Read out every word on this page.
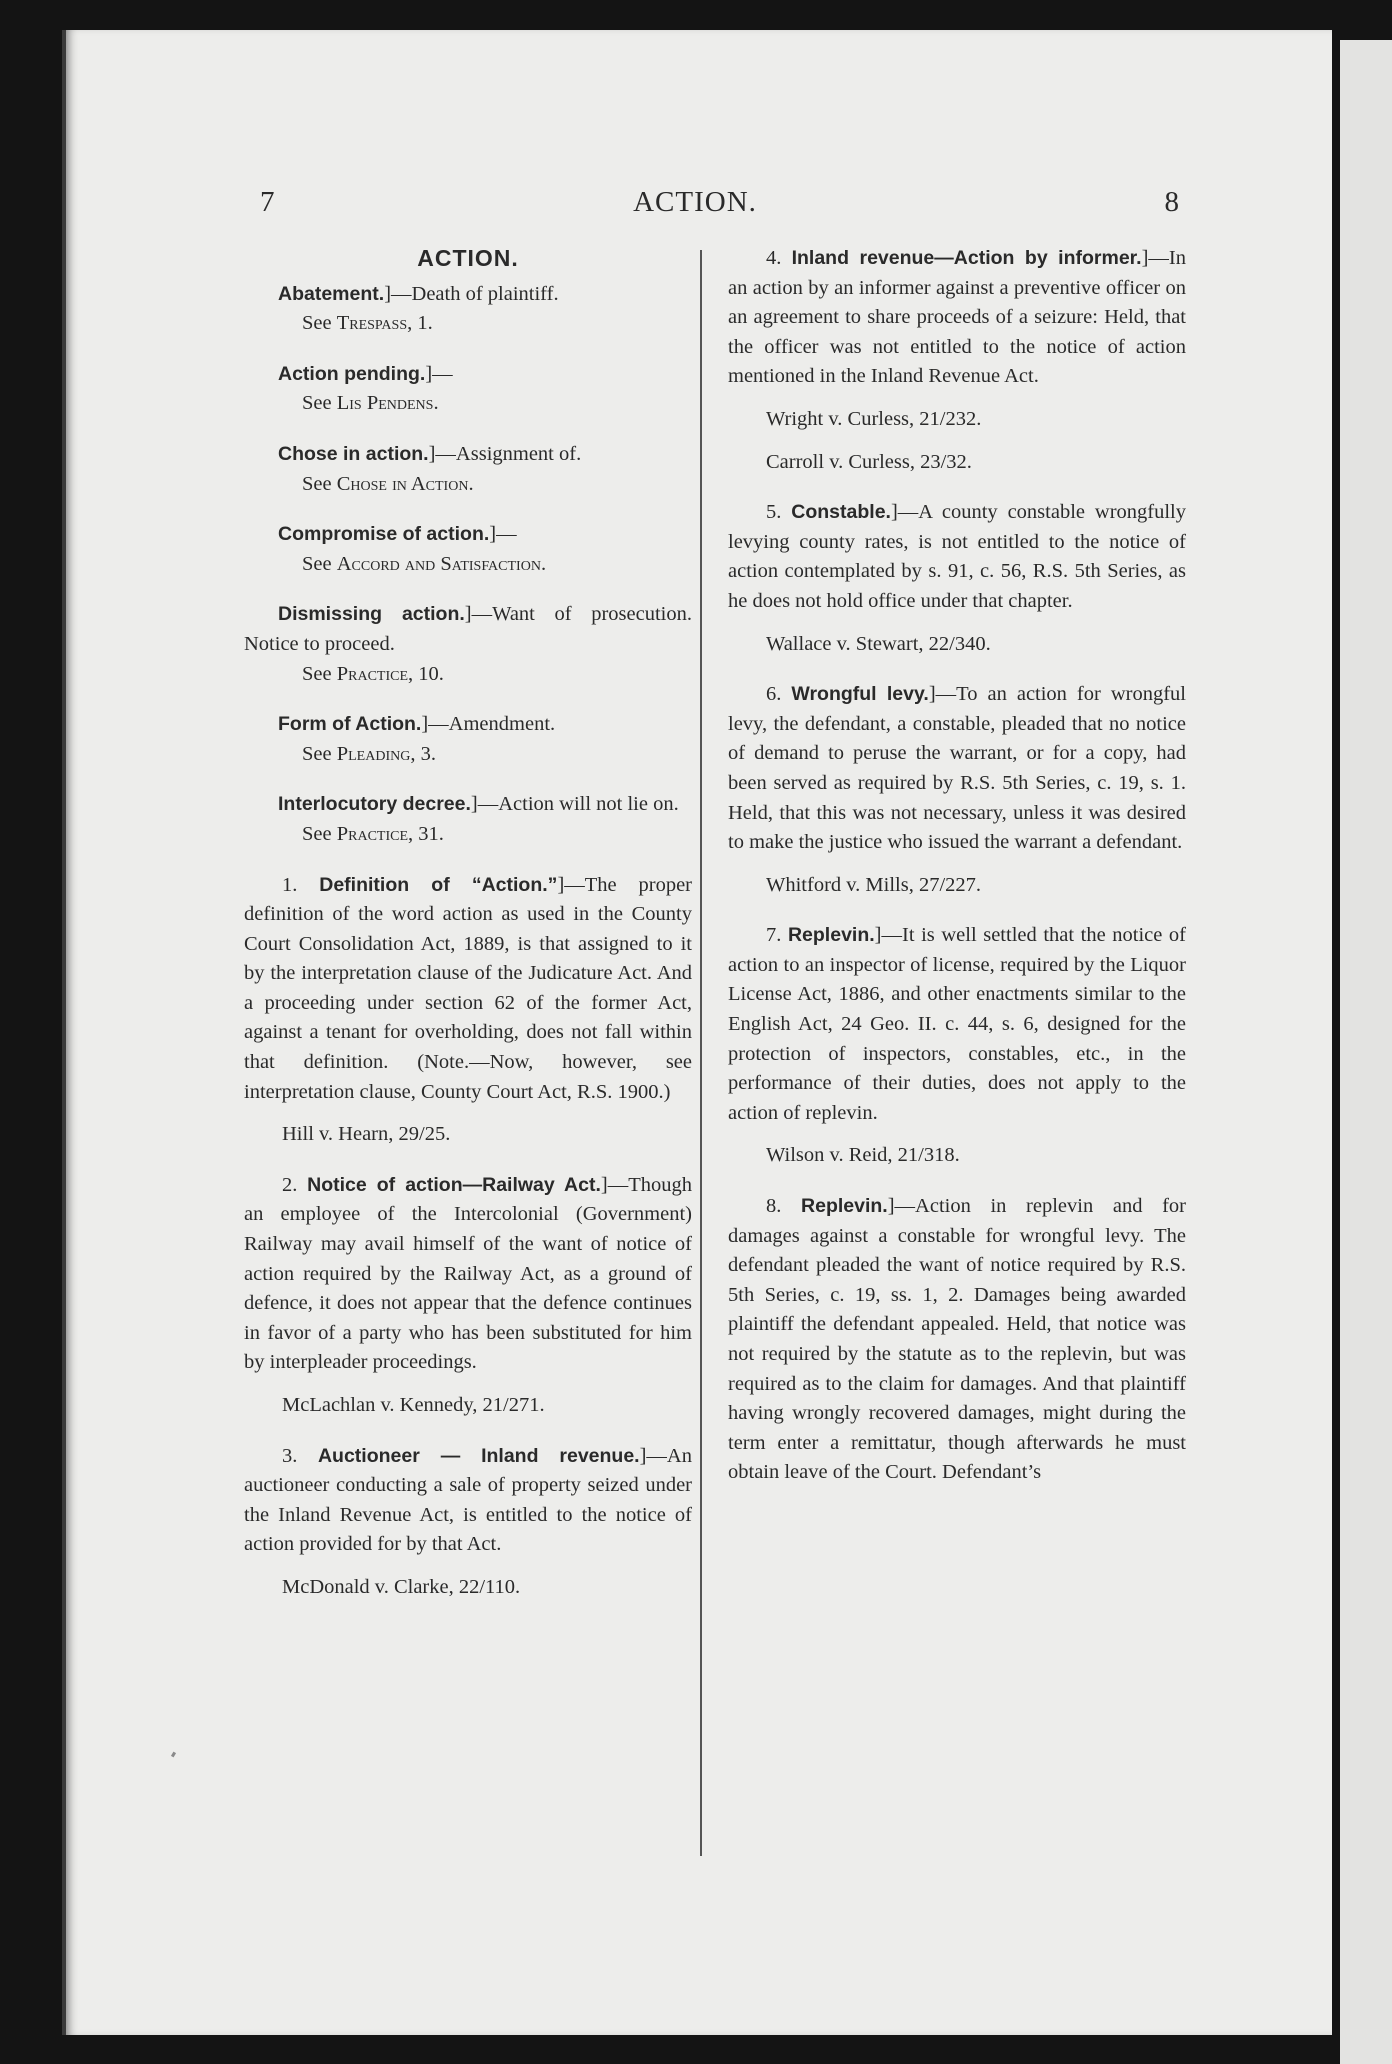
7	ACTION.	8
ACTION.

Abatement.]—Death of plaintiff.
See Trespass, 1.

Action pending.]—
See Lis Pendens.

Chose in action.]—Assignment of.
See Chose in Action.

Compromise of action.]—
See Accord and Satisfaction.

Dismissing action.]—Want of prosecution. Notice to proceed.
See Practice, 10.

Form of Action.]—Amendment.
See Pleading, 3.

Interlocutory decree.]—Action will not lie on.
See Practice, 31.

1. Definition of “Action.”]—The proper definition of the word action as used in the County Court Consolidation Act, 1889, is that assigned to it by the interpretation clause of the Judicature Act. And a proceeding under section 62 of the former Act, against a tenant for overholding, does not fall within that definition. (Note.—Now, however, see interpretation clause, County Court Act, R.S. 1900.)

Hill v. Hearn, 29/25.

2. Notice of action—Railway Act.]—Though an employee of the Intercolonial (Government) Railway may avail himself of the want of notice of action required by the Railway Act, as a ground of defence, it does not appear that the defence continues in favor of a party who has been substituted for him by interpleader proceedings.

McLachlan v. Kennedy, 21/271.

3. Auctioneer — Inland revenue.]—An auctioneer conducting a sale of property seized under the Inland Revenue Act, is entitled to the notice of action provided for by that Act.

McDonald v. Clarke, 22/110.

4. Inland revenue—Action by informer.]—In an action by an informer against a preventive officer on an agreement to share proceeds of a seizure: Held, that the officer was not entitled to the notice of action mentioned in the Inland Revenue Act.

Wright v. Curless, 21/232.

Carroll v. Curless, 23/32.

5. Constable.]—A county constable wrongfully levying county rates, is not entitled to the notice of action contemplated by s. 91, c. 56, R.S. 5th Series, as he does not hold office under that chapter.

Wallace v. Stewart, 22/340.

6. Wrongful levy.]—To an action for wrongful levy, the defendant, a constable, pleaded that no notice of demand to peruse the warrant, or for a copy, had been served as required by R.S. 5th Series, c. 19, s. 1. Held, that this was not necessary, unless it was desired to make the justice who issued the warrant a defendant.

Whitford v. Mills, 27/227.

7. Replevin.]—It is well settled that the notice of action to an inspector of license, required by the Liquor License Act, 1886, and other enactments similar to the English Act, 24 Geo. II. c. 44, s. 6, designed for the protection of inspectors, constables, etc., in the performance of their duties, does not apply to the action of replevin.

Wilson v. Reid, 21/318.

8. Replevin.]—Action in replevin and for damages against a constable for wrongful levy. The defendant pleaded the want of notice required by R.S. 5th Series, c. 19, ss. 1, 2. Damages being awarded plaintiff the defendant appealed. Held, that notice was not required by the statute as to the replevin, but was required as to the claim for damages. And that plaintiff having wrongly recovered damages, might during the term enter a remittatur, though afterwards he must obtain leave of the Court. Defendant’s
